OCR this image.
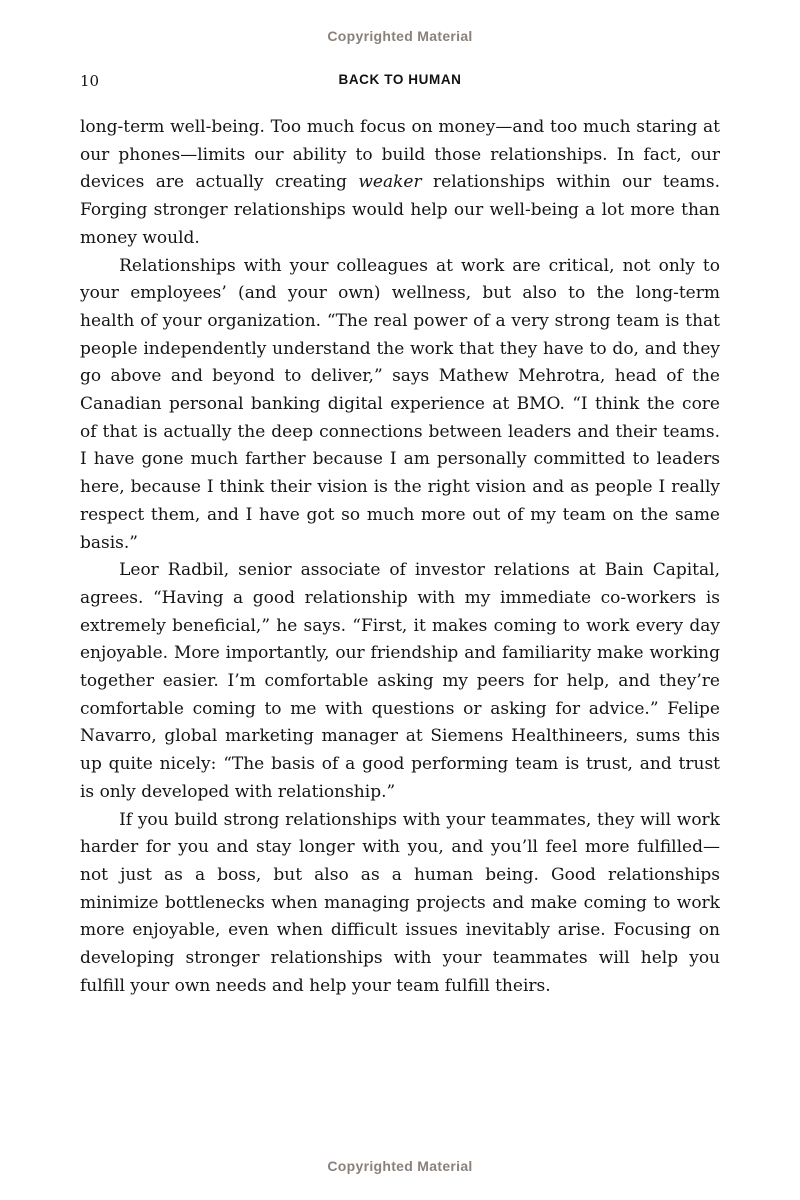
Copyrighted Material
10	BACK TO HUMAN

long-term well-being. Too much focus on money—and too much staring at our phones—limits our ability to build those relationships. In fact, our devices are actually creating weaker relationships within our teams. Forging stronger relationships would help our well-being a lot more than money would.

Relationships with your colleagues at work are critical, not only to your employees’ (and your own) wellness, but also to the long-term health of your organization. “The real power of a very strong team is that people independently understand the work that they have to do, and they go above and beyond to deliver,” says Mathew Mehrotra, head of the Canadian personal banking digital experience at BMO. “I think the core of that is actually the deep connections between leaders and their teams. I have gone much farther because I am personally committed to leaders here, because I think their vision is the right vision and as people I really respect them, and I have got so much more out of my team on the same basis.”

Leor Radbil, senior associate of investor relations at Bain Capital, agrees. “Having a good relationship with my immediate co-workers is extremely beneficial,” he says. “First, it makes coming to work every day enjoyable. More importantly, our friendship and familiarity make working together easier. I’m comfortable asking my peers for help, and they’re comfortable coming to me with questions or asking for advice.” Felipe Navarro, global marketing manager at Siemens Healthineers, sums this up quite nicely: “The basis of a good performing team is trust, and trust is only developed with relationship.”

If you build strong relationships with your teammates, they will work harder for you and stay longer with you, and you’ll feel more fulfilled—not just as a boss, but also as a human being. Good relationships minimize bottlenecks when managing projects and make coming to work more enjoyable, even when difficult issues inevitably arise. Focusing on developing stronger relationships with your teammates will help you fulfill your own needs and help your team fulfill theirs.

Copyrighted Material
